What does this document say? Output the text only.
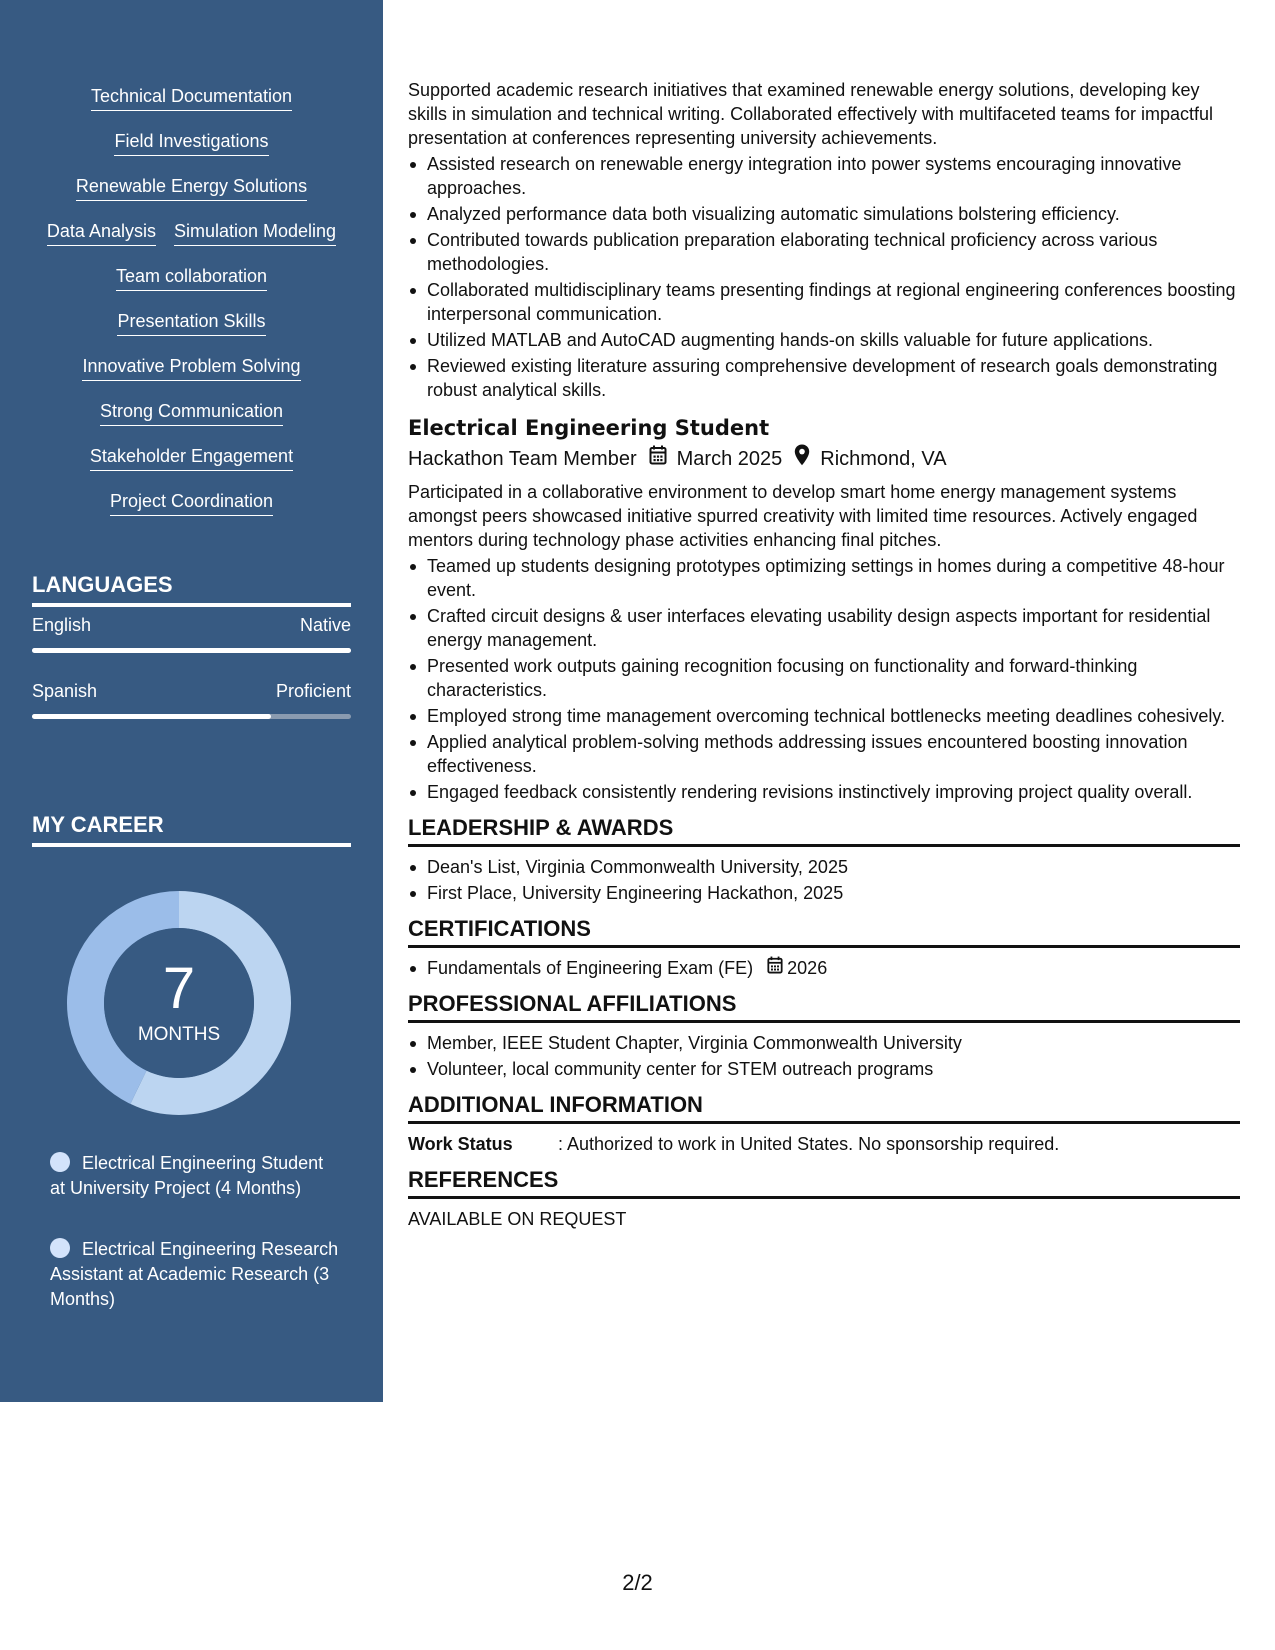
Technical Documentation
Field Investigations
Renewable Energy Solutions
Data Analysis Simulation Modeling
Team collaboration
Presentation Skills
Innovative Problem Solving
Strong Communication
Stakeholder Engagement
Project Coordination
LANGUAGES
English	Native
Spanish	Proficient
MY CAREER
7
MONTHS
Electrical Engineering Student at University Project (4 Months)
Electrical Engineering Research Assistant at Academic Research (3 Months)

Supported academic research initiatives that examined renewable energy solutions, developing key skills in simulation and technical writing. Collaborated effectively with multifaceted teams for impactful presentation at conferences representing university achievements.

Assisted research on renewable energy integration into power systems encouraging innovative approaches.
Analyzed performance data both visualizing automatic simulations bolstering efficiency.
Contributed towards publication preparation elaborating technical proficiency across various methodologies.
Collaborated multidisciplinary teams presenting findings at regional engineering conferences boosting interpersonal communication.
Utilized MATLAB and AutoCAD augmenting hands-on skills valuable for future applications.
Reviewed existing literature assuring comprehensive development of research goals demonstrating robust analytical skills.
Electrical Engineering Student
Hackathon Team Member March 2025 Richmond, VA

Participated in a collaborative environment to develop smart home energy management systems amongst peers showcased initiative spurred creativity with limited time resources. Actively engaged mentors during technology phase activities enhancing final pitches.

Teamed up students designing prototypes optimizing settings in homes during a competitive 48-hour event.
Crafted circuit designs & user interfaces elevating usability design aspects important for residential energy management.
Presented work outputs gaining recognition focusing on functionality and forward-thinking characteristics.
Employed strong time management overcoming technical bottlenecks meeting deadlines cohesively.
Applied analytical problem-solving methods addressing issues encountered boosting innovation effectiveness.
Engaged feedback consistently rendering revisions instinctively improving project quality overall.
LEADERSHIP & AWARDS
Dean's List, Virginia Commonwealth University, 2025
First Place, University Engineering Hackathon, 2025
CERTIFICATIONS
Fundamentals of Engineering Exam (FE) 2026
PROFESSIONAL AFFILIATIONS
Member, IEEE Student Chapter, Virginia Commonwealth University
Volunteer, local community center for STEM outreach programs
ADDITIONAL INFORMATION
Work Status	: Authorized to work in United States. No sponsorship required.
REFERENCES
AVAILABLE ON REQUEST
2/2
